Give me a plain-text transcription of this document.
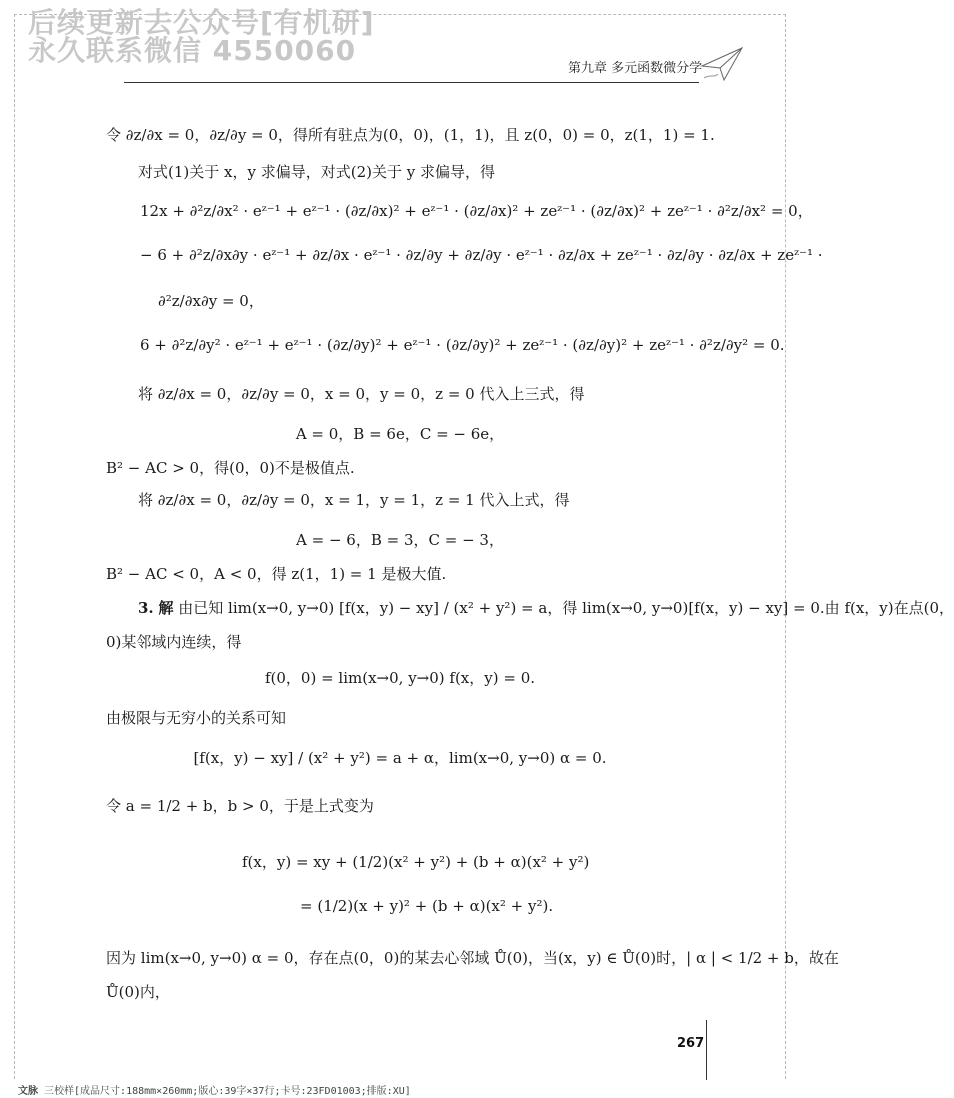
后续更新去公众号[有机研]
永久联系微信 4550060
第九章 多元函数微分学
令 ∂z/∂x = 0，∂z/∂y = 0，得所有驻点为(0，0)，(1，1)，且 z(0，0) = 0，z(1，1) = 1.
对式(1)关于 x，y 求偏导，对式(2)关于 y 求偏导，得
12x + ∂²z/∂x² · eᶻ⁻¹ + eᶻ⁻¹ · (∂z/∂x)² + eᶻ⁻¹ · (∂z/∂x)² + zeᶻ⁻¹ · (∂z/∂x)² + zeᶻ⁻¹ · ∂²z/∂x² = 0，
− 6 + ∂²z/∂x∂y · eᶻ⁻¹ + ∂z/∂x · eᶻ⁻¹ · ∂z/∂y + ∂z/∂y · eᶻ⁻¹ · ∂z/∂x + zeᶻ⁻¹ · ∂z/∂y · ∂z/∂x + zeᶻ⁻¹ ·
∂²z/∂x∂y = 0，
6 + ∂²z/∂y² · eᶻ⁻¹ + eᶻ⁻¹ · (∂z/∂y)² + eᶻ⁻¹ · (∂z/∂y)² + zeᶻ⁻¹ · (∂z/∂y)² + zeᶻ⁻¹ · ∂²z/∂y² = 0.
将 ∂z/∂x = 0，∂z/∂y = 0，x = 0，y = 0，z = 0 代入上三式，得
A = 0，B = 6e，C = − 6e，
B² − AC > 0，得(0，0)不是极值点.
将 ∂z/∂x = 0，∂z/∂y = 0，x = 1，y = 1，z = 1 代入上式，得
A = − 6，B = 3，C = − 3，
B² − AC < 0，A < 0，得 z(1，1) = 1 是极大值.
3. 解 由已知 lim(x→0, y→0) [f(x，y) − xy] / (x² + y²) = a，得 lim(x→0, y→0)[f(x，y) − xy] = 0.由 f(x，y)在点(0，
0)某邻域内连续，得
f(0，0) = lim(x→0, y→0) f(x，y) = 0.
由极限与无穷小的关系可知
[f(x，y) − xy] / (x² + y²) = a + α，lim(x→0, y→0) α = 0.
令 a = 1/2 + b，b > 0，于是上式变为
f(x，y) = xy + (1/2)(x² + y²) + (b + α)(x² + y²)
= (1/2)(x + y)² + (b + α)(x² + y²).
因为 lim(x→0, y→0) α = 0，存在点(0，0)的某去心邻域 Ů(0)，当(x，y) ∈ Ů(0)时，| α | < 1/2 + b，故在
Ů(0)内，
267
文脉 三校样[成品尺寸:188mm×260mm;版心:39字×37行;卡号:23FD01003;排版:XU]
